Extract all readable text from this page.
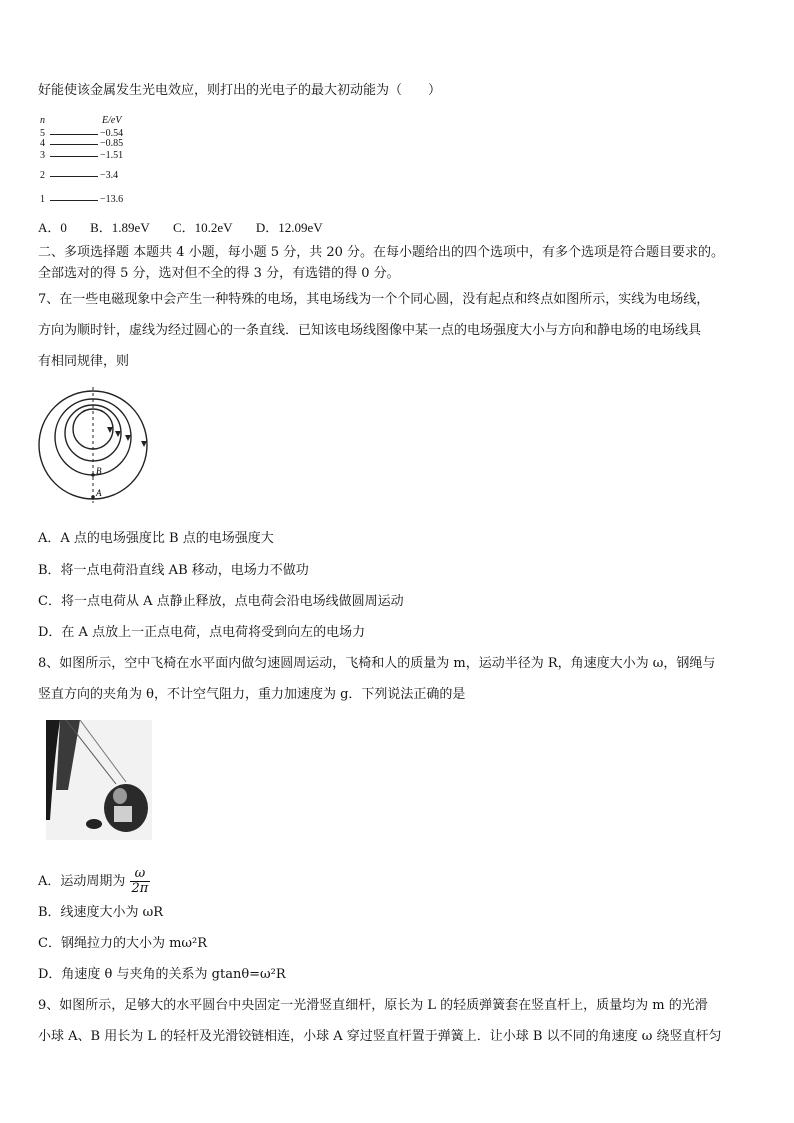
好能使该金属发生光电效应，则打出的光电子的最大初动能为（　　）
n	E/eV
5	−0.54
4	−0.85
3	−1.51
2	−3.4
1	−13.6
A．0 B．1.89eV C．10.2eV D．12.09eV
二、多项选择题 本题共 4 小题，每小题 5 分，共 20 分。在每小题给出的四个选项中，有多个选项是符合题目要求的。
全部选对的得 5 分，选对但不全的得 3 分，有选错的得 0 分。
7、在一些电磁现象中会产生一种特殊的电场，其电场线为一个个同心圆，没有起点和终点如图所示，实线为电场线，
方向为顺时针，虚线为经过圆心的一条直线．已知该电场线图像中某一点的电场强度大小与方向和静电场的电场线具
有相同规律，则
B
A
A．A 点的电场强度比 B 点的电场强度大
B．将一点电荷沿直线 AB 移动，电场力不做功
C．将一点电荷从 A 点静止释放，点电荷会沿电场线做圆周运动
D．在 A 点放上一正点电荷，点电荷将受到向左的电场力
8、如图所示，空中飞椅在水平面内做匀速圆周运动，飞椅和人的质量为 m，运动半径为 R，角速度大小为 ω，钢绳与
竖直方向的夹角为 θ，不计空气阻力，重力加速度为 g．下列说法正确的是
A．运动周期为 $\frac{\omega}{2\pi}$
B．线速度大小为 ωR
C．钢绳拉力的大小为 mω²R
D．角速度 θ 与夹角的关系为 gtanθ=ω²R
9、如图所示，足够大的水平圆台中央固定一光滑竖直细杆，原长为 L 的轻质弹簧套在竖直杆上，质量均为 m 的光滑
小球 A、B 用长为 L 的轻杆及光滑铰链相连，小球 A 穿过竖直杆置于弹簧上．让小球 B 以不同的角速度 ω 绕竖直杆匀
